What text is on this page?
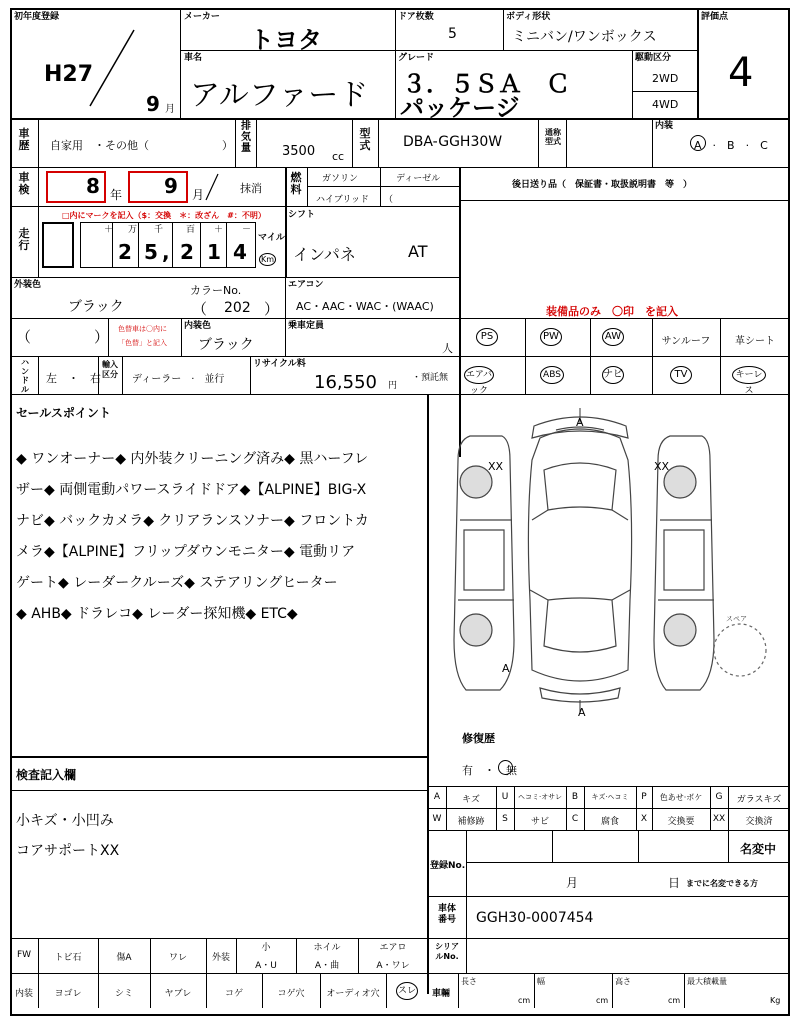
初年度登録
H27
9 月
メーカー
トヨタ
ドア枚数
5
ボディ形状
ミニバン/ワンボックス
評価点
4
車名
アルファード
グレード
３．５ＳＡ　Ｃ
パッケージ
駆動区分
2WD
4WD
車歴 自家用　・その他（	）
排気量 3500 cc
型式 DBA-GGH30W
通称型式
内装
A　·　B　·　C
車検	8 年 9 月	抹消
燃料
ガソリン	ディーゼル
ハイブリッド （
後日送り品（　保証書・取扱説明書　等　）
走行
□内にマークを記入（$：交換　＊：改ざん　#：不明）
＋ 万 千	百 ＋ －
2 5 , 2 1 4
マイル
Km
シフト
インパネ	AT
外装色
ブラック
カラーNo.
（ 202 ）
エアコン
AC・AAC・WAC・(WAAC)	装備品のみ　〇印　を記入
（	） 色替車は〇内に
「色替」と記入
内装色
ブラック
乗車定員
人
PS	PW	AW	サンルーフ	革シート
エアバック
ABS	ナビ	TV	キーレス
ハンドル
左　・　右
輸入区分 ディーラー　·　並行
リサイクル料
16,550 円
・預託無
セールスポイント
◆ ワンオーナー◆ 内外装クリーニング済み◆ 黒ハーフレ
ザー◆ 両側電動パワースライドドア◆【ALPINE】BIG-X
ナビ◆ バックカメラ◆ クリアランスソナー◆ フロントカ
メラ◆【ALPINE】フリップダウンモニター◆ 電動リア
ゲート◆ レーダークルーズ◆ ステアリングヒーター
◆ AHB◆ ドラレコ◆ レーダー探知機◆ ETC◆
A
XX	XX
A
A
スペア
修復歴
有　・　無
検査記入欄
小キズ・小凹み
コアサポートXX
A	キズ	U	ヘコミ·オサレ	B	キズ·ヘコミ	P	色あせ·ボケ	G	ガラスキズ
W	補修跡	S	サビ	C	腐食	X	交換要	XX	交換済
登録No.
名変中
月	日 までに名変できる方
車体番号 GGH30-0007454
FW	トビ石	傷A	ワレ	外装
小	ホイル	エアロ
A・U	A・曲	A・ワレ
内装	ヨゴレ	シミ	ヤブレ	コゲ	コゲ穴	オーディオ穴	スレ
シリアルNo.
車輛
長さ
cm
幅
cm
高さ
cm
最大積載量
Kg
